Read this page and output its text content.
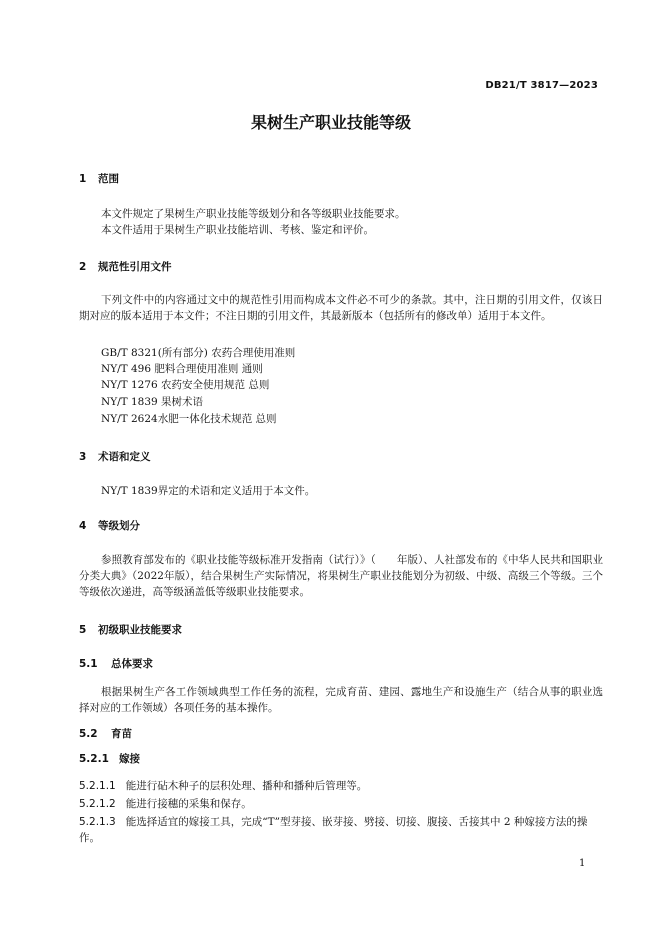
DB21/T 3817—2023
果树生产职业技能等级
1 范围
本文件规定了果树生产职业技能等级划分和各等级职业技能要求。
本文件适用于果树生产职业技能培训、考核、鉴定和评价。
2 规范性引用文件
下列文件中的内容通过文中的规范性引用而构成本文件必不可少的条款。其中，注日期的引用文件，仅该日期对应的版本适用于本文件；不注日期的引用文件，其最新版本（包括所有的修改单）适用于本文件。
GB/T 8321(所有部分) 农药合理使用准则
NY/T 496 肥料合理使用准则 通则
NY/T 1276 农药安全使用规范 总则
NY/T 1839 果树术语
NY/T 2624水肥一体化技术规范 总则
3 术语和定义
NY/T 1839界定的术语和定义适用于本文件。
4 等级划分
参照教育部发布的《职业技能等级标准开发指南（试行）》（　　年版）、人社部发布的《中华人民共和国职业分类大典》（2022年版），结合果树生产实际情况，将果树生产职业技能划分为初级、中级、高级三个等级。三个等级依次递进，高等级涵盖低等级职业技能要求。
5 初级职业技能要求
5.1 总体要求
根据果树生产各工作领域典型工作任务的流程，完成育苗、建园、露地生产和设施生产（结合从事的职业选择对应的工作领域）各项任务的基本操作。
5.2 育苗
5.2.1 嫁接
5.2.1.1 能进行砧木种子的层积处理、播种和播种后管理等。
5.2.1.2 能进行接穗的采集和保存。
5.2.1.3 能选择适宜的嫁接工具，完成“T”型芽接、嵌芽接、劈接、切接、腹接、舌接其中 2 种嫁接方法的操作。
1
